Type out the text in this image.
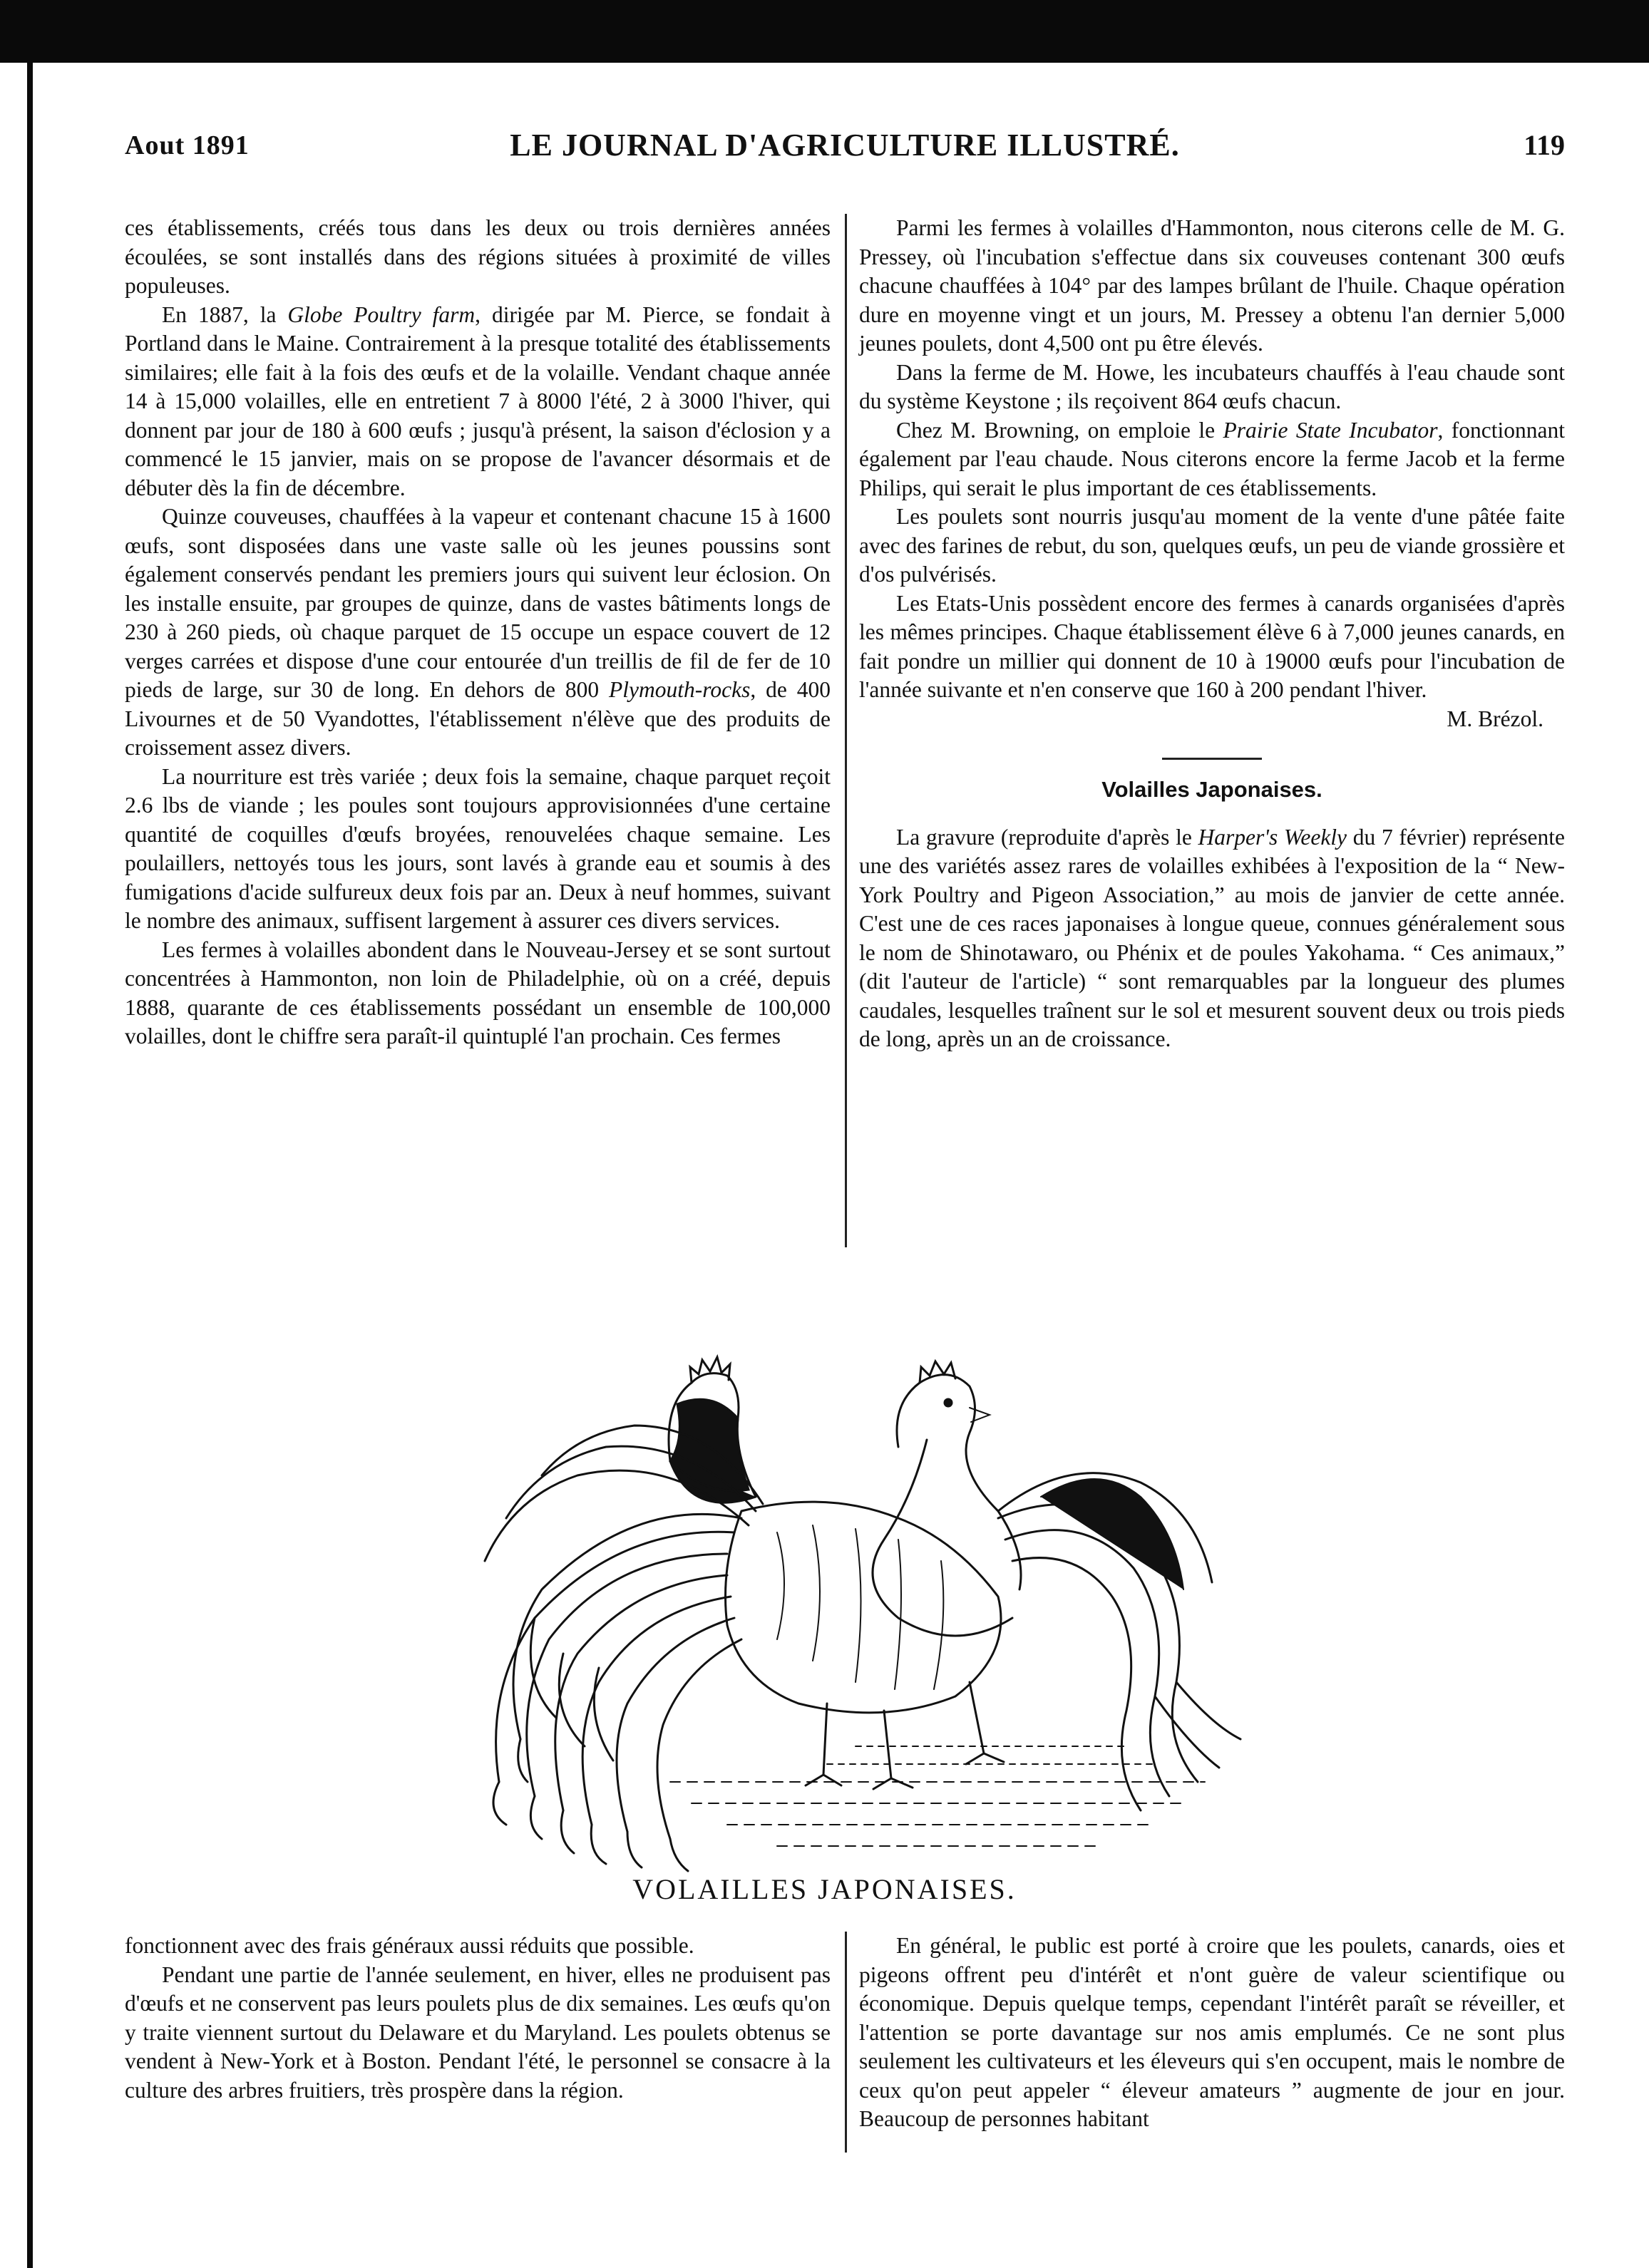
Aout 1891	LE JOURNAL D'AGRICULTURE ILLUSTRÉ.	119

ces établissements, créés tous dans les deux ou trois dernières années écoulées, se sont installés dans des régions situées à proximité de villes populeuses.

En 1887, la Globe Poultry farm, dirigée par M. Pierce, se fondait à Portland dans le Maine. Contrairement à la presque totalité des établissements similaires; elle fait à la fois des œufs et de la volaille. Vendant chaque année 14 à 15,000 volailles, elle en entretient 7 à 8000 l'été, 2 à 3000 l'hiver, qui donnent par jour de 180 à 600 œufs ; jusqu'à présent, la saison d'éclosion y a commencé le 15 janvier, mais on se propose de l'avancer désormais et de débuter dès la fin de décembre.

Quinze couveuses, chauffées à la vapeur et contenant chacune 15 à 1600 œufs, sont disposées dans une vaste salle où les jeunes poussins sont également conservés pendant les premiers jours qui suivent leur éclosion. On les installe ensuite, par groupes de quinze, dans de vastes bâtiments longs de 230 à 260 pieds, où chaque parquet de 15 occupe un espace couvert de 12 verges carrées et dispose d'une cour entourée d'un treillis de fil de fer de 10 pieds de large, sur 30 de long. En dehors de 800 Plymouth-rocks, de 400 Livournes et de 50 Vyandottes, l'établissement n'élève que des produits de croissement assez divers.

La nourriture est très variée ; deux fois la semaine, chaque parquet reçoit 2.6 lbs de viande ; les poules sont toujours approvisionnées d'une certaine quantité de coquilles d'œufs broyées, renouvelées chaque semaine. Les poulaillers, nettoyés tous les jours, sont lavés à grande eau et soumis à des fumigations d'acide sulfureux deux fois par an. Deux à neuf hommes, suivant le nombre des animaux, suffisent largement à assurer ces divers services.

Les fermes à volailles abondent dans le Nouveau-Jersey et se sont surtout concentrées à Hammonton, non loin de Philadelphie, où on a créé, depuis 1888, quarante de ces établissements possédant un ensemble de 100,000 volailles, dont le chiffre sera paraît-il quintuplé l'an prochain. Ces fermes

Parmi les fermes à volailles d'Hammonton, nous citerons celle de M. G. Pressey, où l'incubation s'effectue dans six couveuses contenant 300 œufs chacune chauffées à 104° par des lampes brûlant de l'huile. Chaque opération dure en moyenne vingt et un jours, M. Pressey a obtenu l'an dernier 5,000 jeunes poulets, dont 4,500 ont pu être élevés.

Dans la ferme de M. Howe, les incubateurs chauffés à l'eau chaude sont du système Keystone ; ils reçoivent 864 œufs chacun.

Chez M. Browning, on emploie le Prairie State Incubator, fonctionnant également par l'eau chaude. Nous citerons encore la ferme Jacob et la ferme Philips, qui serait le plus important de ces établissements.

Les poulets sont nourris jusqu'au moment de la vente d'une pâtée faite avec des farines de rebut, du son, quelques œufs, un peu de viande grossière et d'os pulvérisés.

Les Etats-Unis possèdent encore des fermes à canards organisées d'après les mêmes principes. Chaque établissement élève 6 à 7,000 jeunes canards, en fait pondre un millier qui donnent de 10 à 19000 œufs pour l'incubation de l'année suivante et n'en conserve que 160 à 200 pendant l'hiver.

M. Brézol.
Volailles Japonaises.

La gravure (reproduite d'après le Harper's Weekly du 7 février) représente une des variétés assez rares de volailles exhibées à l'exposition de la “ New-York Poultry and Pigeon Association,” au mois de janvier de cette année. C'est une de ces races japonaises à longue queue, connues généralement sous le nom de Shinotawaro, ou Phénix et de poules Yakohama. “ Ces animaux,” (dit l'auteur de l'article) “ sont remarquables par la longueur des plumes caudales, lesquelles traînent sur le sol et mesurent souvent deux ou trois pieds de long, après un an de croissance.

VOLAILLES JAPONAISES.

fonctionnent avec des frais généraux aussi réduits que possible.

Pendant une partie de l'année seulement, en hiver, elles ne produisent pas d'œufs et ne conservent pas leurs poulets plus de dix semaines. Les œufs qu'on y traite viennent surtout du Delaware et du Maryland. Les poulets obtenus se vendent à New-York et à Boston. Pendant l'été, le personnel se consacre à la culture des arbres fruitiers, très prospère dans la région.

En général, le public est porté à croire que les poulets, canards, oies et pigeons offrent peu d'intérêt et n'ont guère de valeur scientifique ou économique. Depuis quelque temps, cependant l'intérêt paraît se réveiller, et l'attention se porte davantage sur nos amis emplumés. Ce ne sont plus seulement les cultivateurs et les éleveurs qui s'en occupent, mais le nombre de ceux qu'on peut appeler “ éleveur amateurs ” augmente de jour en jour. Beaucoup de personnes habitant
